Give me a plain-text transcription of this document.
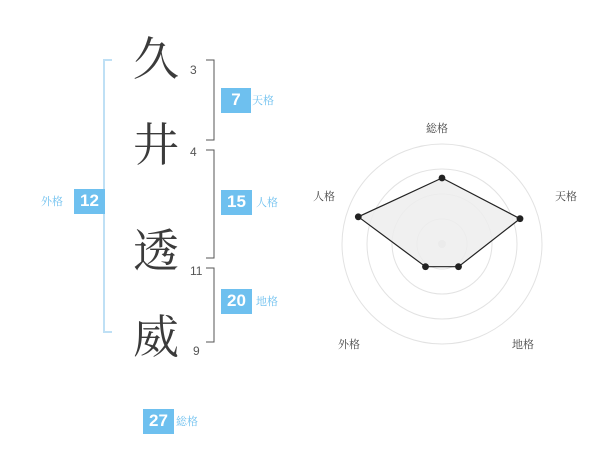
久
井
透
威
3
4
11
9
7	天格
15 人格
20 地格
12
外格
27 総格
総格
天格
地格
外格
人格
